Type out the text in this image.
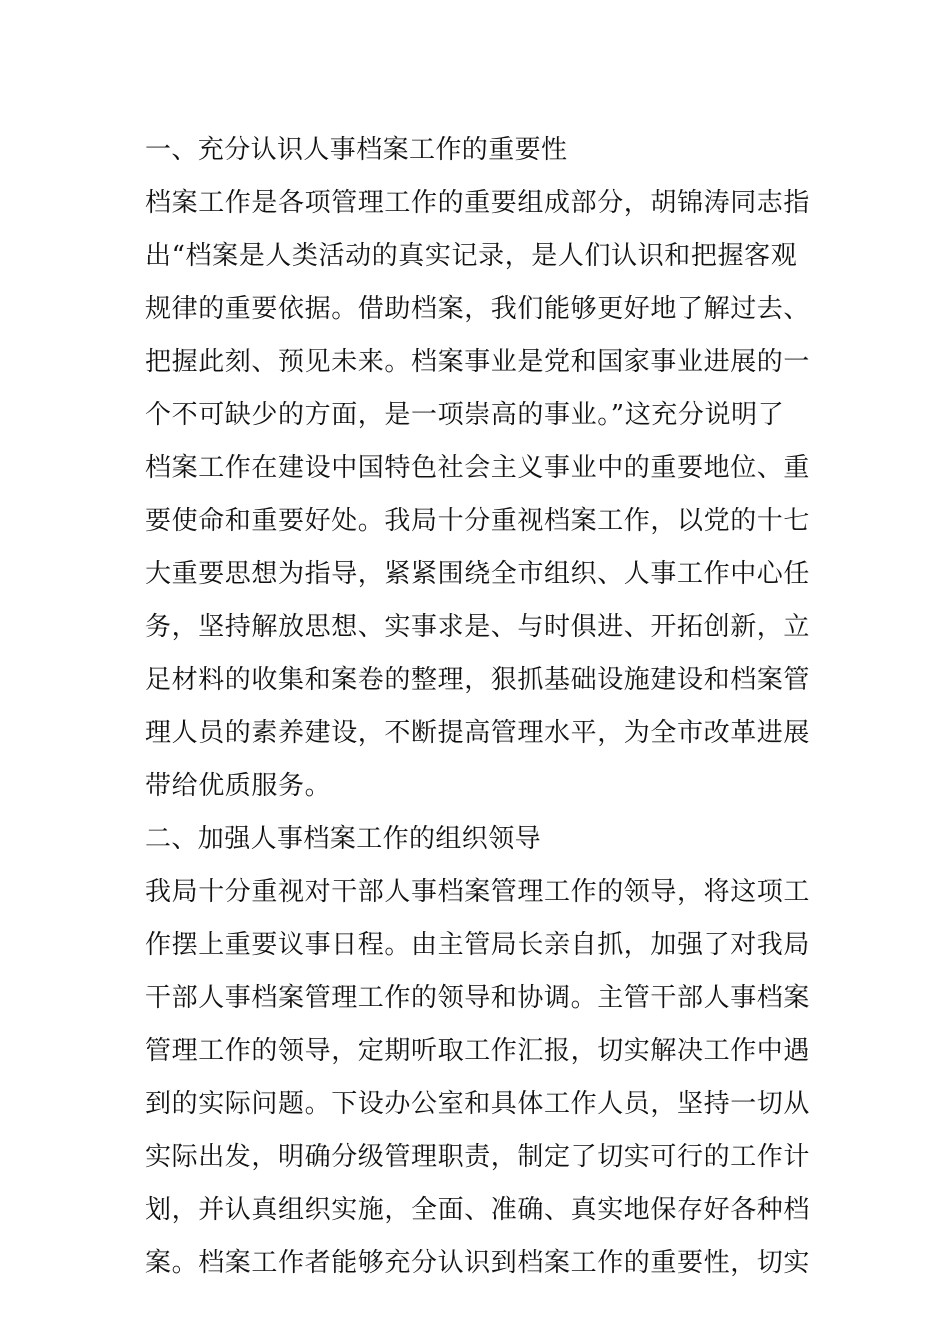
一、充分认识人事档案工作的重要性
档案工作是各项管理工作的重要组成部分，胡锦涛同志指
出“档案是人类活动的真实记录，是人们认识和把握客观
规律的重要依据。借助档案，我们能够更好地了解过去、
把握此刻、预见未来。档案事业是党和国家事业进展的一
个不可缺少的方面，是一项崇高的事业。”这充分说明了
档案工作在建设中国特色社会主义事业中的重要地位、重
要使命和重要好处。我局十分重视档案工作，以党的十七
大重要思想为指导，紧紧围绕全市组织、人事工作中心任
务，坚持解放思想、实事求是、与时俱进、开拓创新，立
足材料的收集和案卷的整理，狠抓基础设施建设和档案管
理人员的素养建设，不断提高管理水平，为全市改革进展
带给优质服务。
二、加强人事档案工作的组织领导
我局十分重视对干部人事档案管理工作的领导，将这项工
作摆上重要议事日程。由主管局长亲自抓，加强了对我局
干部人事档案管理工作的领导和协调。主管干部人事档案
管理工作的领导，定期听取工作汇报，切实解决工作中遇
到的实际问题。下设办公室和具体工作人员，坚持一切从
实际出发，明确分级管理职责，制定了切实可行的工作计
划，并认真组织实施，全面、准确、真实地保存好各种档
案。档案工作者能够充分认识到档案工作的重要性，切实
